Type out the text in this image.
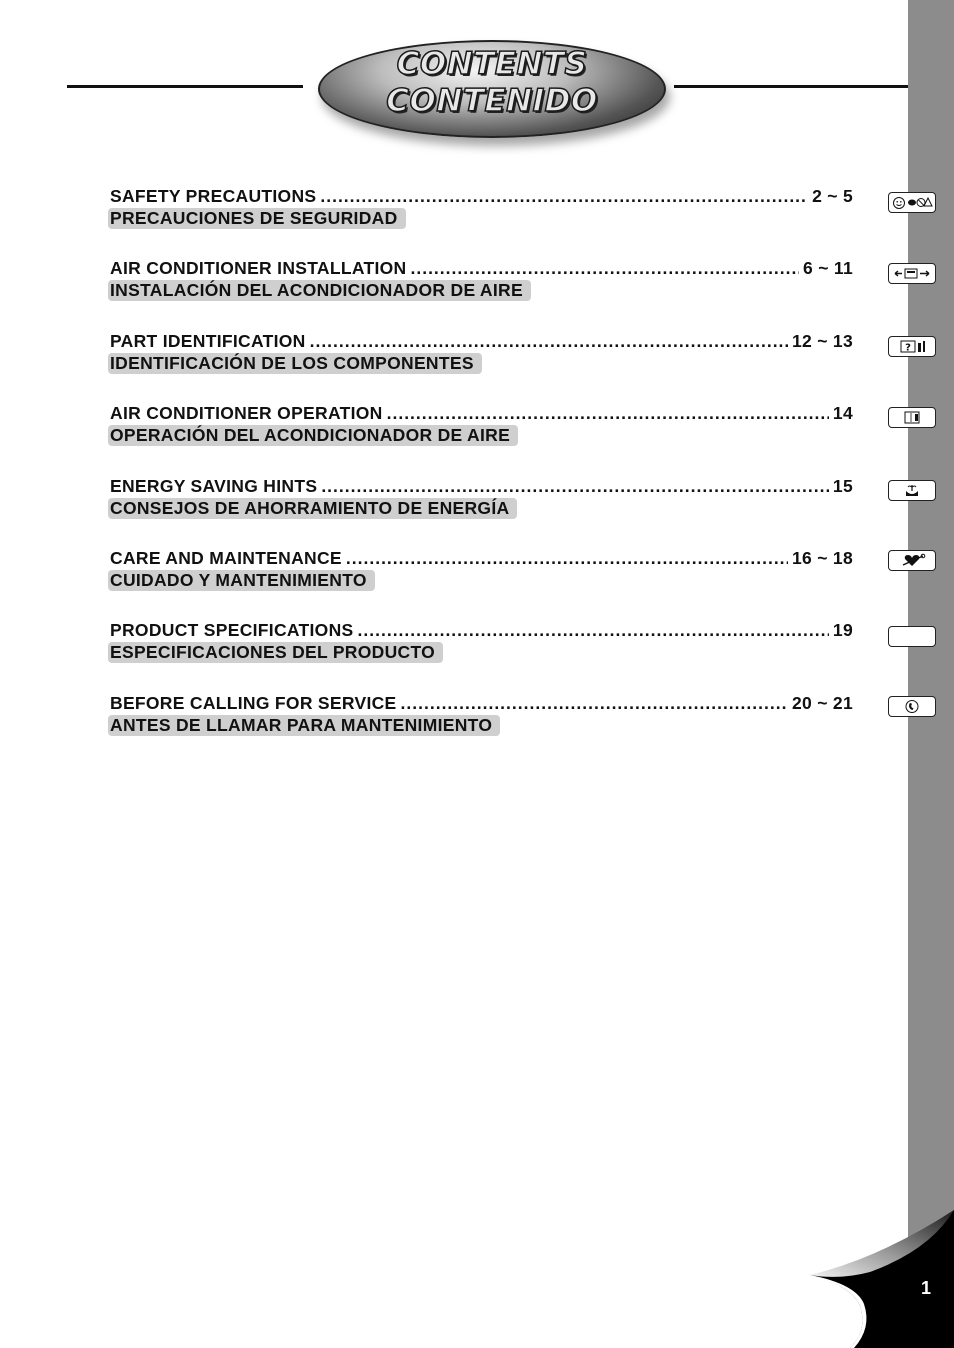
CONTENTS
CONTENIDO
SAFETY PRECAUTIONS .....	2 ~ 5
PRECAUCIONES DE SEGURIDAD
AIR CONDITIONER INSTALLATION .....	6 ~ 11
INSTALACIÓN DEL ACONDICIONADOR DE AIRE
PART IDENTIFICATION .....	12 ~ 13
IDENTIFICACIÓN DE LOS COMPONENTES
AIR CONDITIONER OPERATION .....	14
OPERACIÓN DEL ACONDICIONADOR DE AIRE
ENERGY SAVING HINTS .....	15
CONSEJOS DE AHORRAMIENTO DE ENERGÍA
CARE AND MAINTENANCE .....	16 ~ 18
CUIDADO Y MANTENIMIENTO
PRODUCT SPECIFICATIONS .....	19
ESPECIFICACIONES DEL PRODUCTO
BEFORE CALLING FOR SERVICE .....	20 ~ 21
ANTES DE LLAMAR PARA MANTENIMIENTO
?
1
